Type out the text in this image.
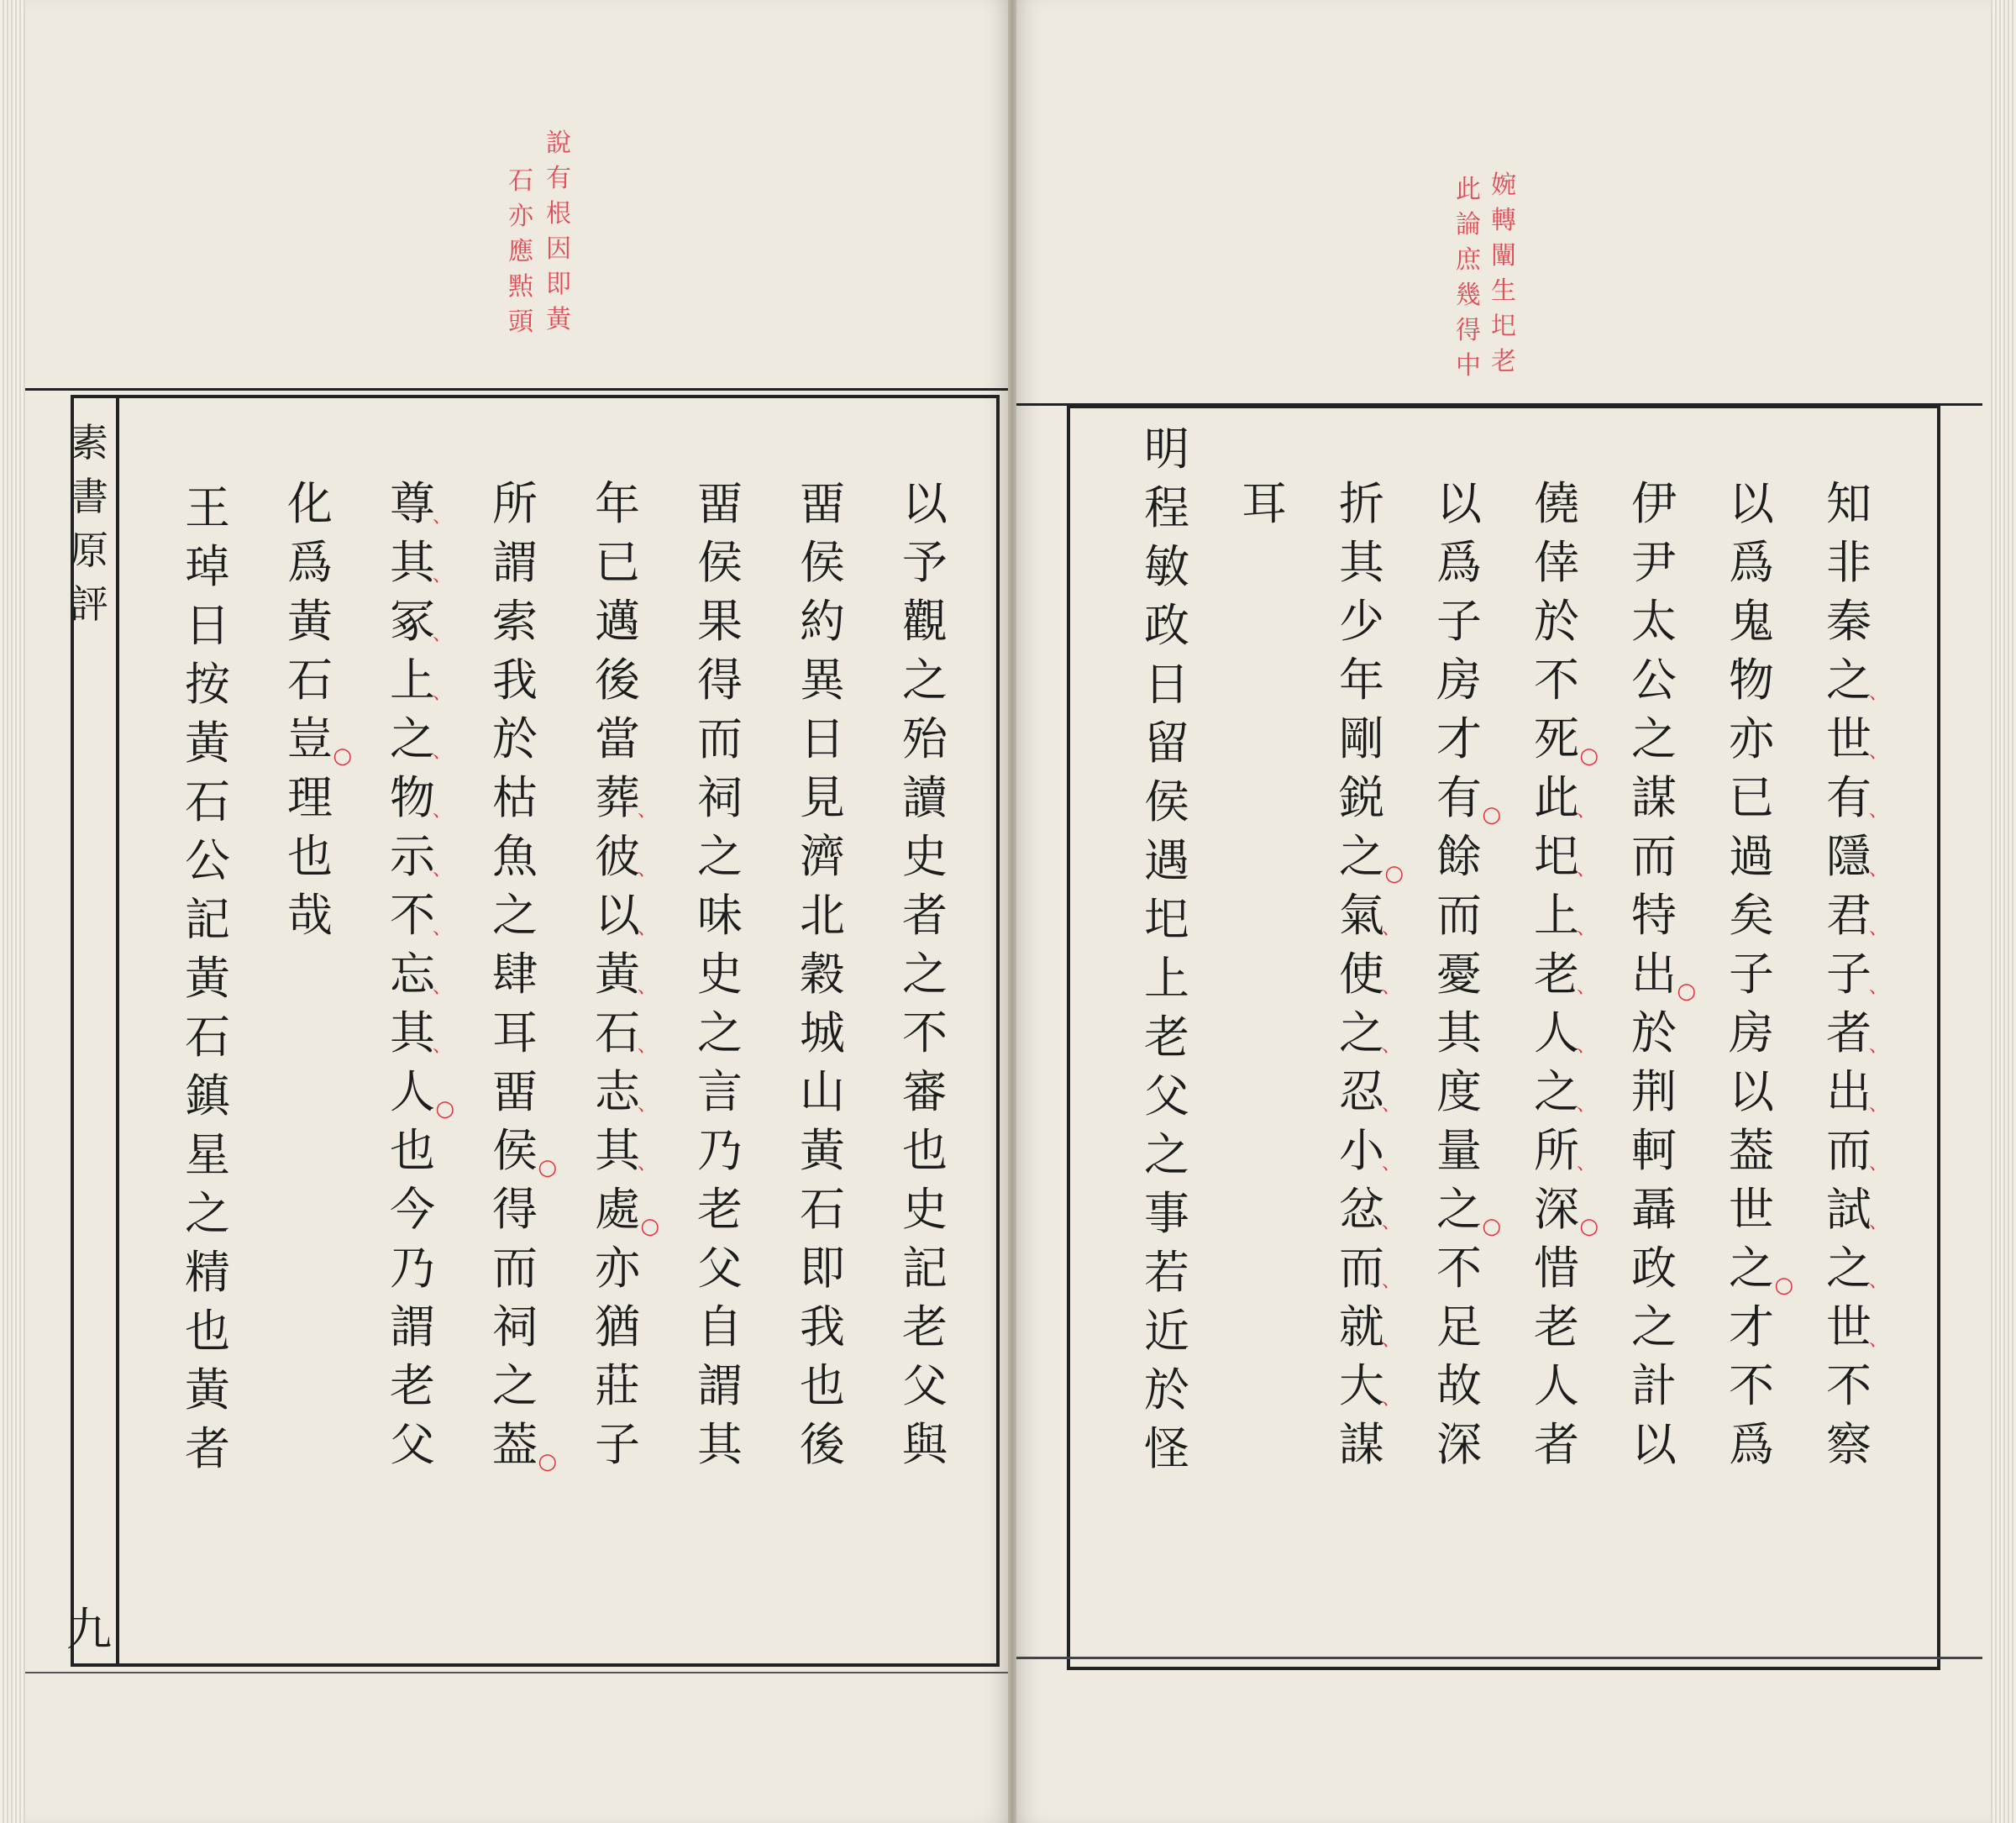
說
有
根
因
即
黃
石
亦
應
㸃
頭
素
書
原
評
九
以
予
觀
之
殆
讀
史
者
之
不
審
也
史
記
老
父
與
畱
侯
約
異
日
見
濟
北
穀
城
山
黃
石
即
我
也
後
畱
侯
果
得
而
祠
之
味
史
之
言
乃
老
父
自
謂
其
年
已
邁
後
當
葬
、
彼
、
以
、
黃
、
石
、
志
、
其
、
處 ○
亦
猶
莊
子
所
謂
索
我
於
枯
魚
之
肆
耳
畱
侯 ○
得
而
祠
之
葢 ○
尊
、
其
、
冢
、
上
、
之
、
物
、
示
、
不
、
忘
、
其
、
人 ○
也
今
乃
謂
老
父
化
爲
黃
石
豈 ○
理
也
哉
王
琸
日
按
黃
石
公
記
黃
石
鎮
星
之
精
也
黃
者
婉
轉
闡
生
圯
老
此
論
庶
幾
得
中
知
非
秦
之
、
世
、
有
、
隱
、
君
、
子
、
者
、
出
、
而
、
試
、
之
、
世
、
不
察
以
爲
鬼
物
亦
已
過
矣
子
房
以
葢
世
之 ○
才
不
爲
伊
尹
太
公
之
謀
而
特
出 ○
於
荆
軻
聶
政
之
計
以
僥
倖
於
不
死 ○
此
、
圯
、
上
、
老
、
人
、
之
、
所
、
深 ○
惜
老
人
者
以
爲
子
房
才
有 ○
餘
而
憂
其
度
量
之 ○
不
足
故
深
折
其
少
年
剛
鋭
之 ○
氣
、
使
、
之
、
忍
、
小
、
忿
、
而
、
就
、
大
、
謀
耳
明
程
敏
政
日
留
侯
遇
圯
上
老
父
之
事
若
近
於
怪
